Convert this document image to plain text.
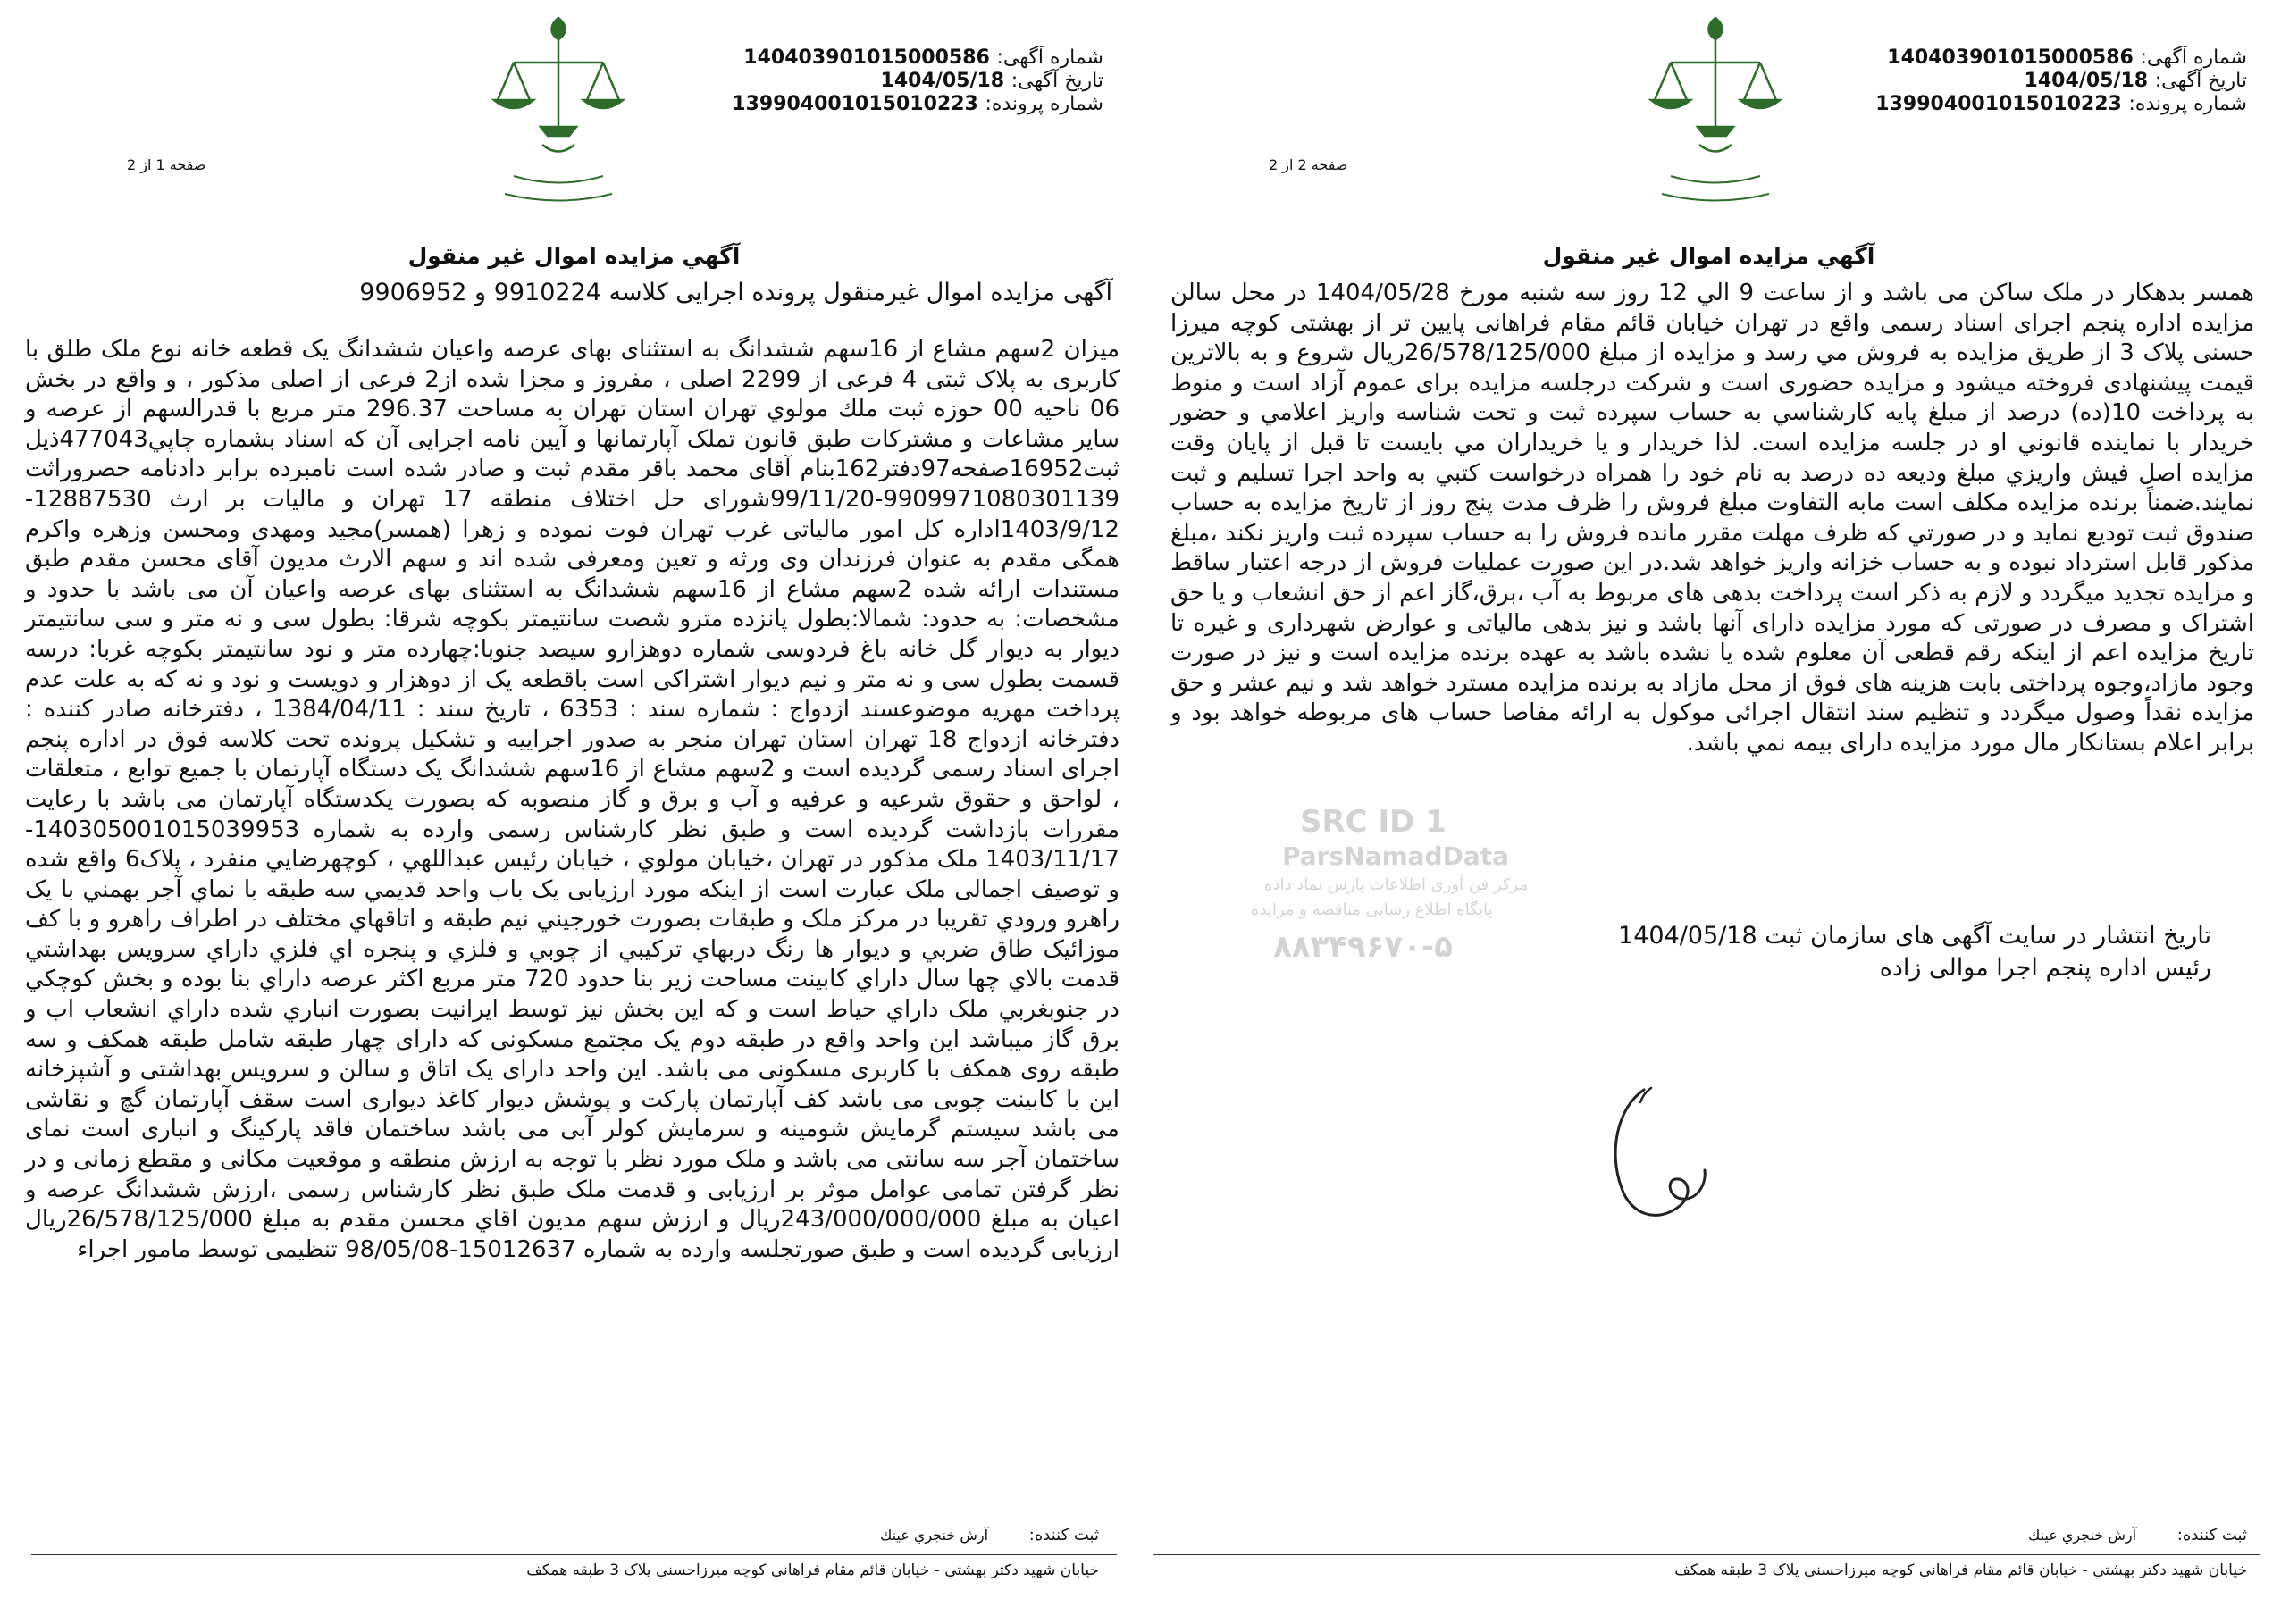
شماره آگهی: 140403901015000586
تاریخ آگهی: 1404/05/18
شماره پرونده: 139904001015010223
صفحه 1 از 2
آگهي مزايده اموال غير منقول
آگهی مزایده اموال غیرمنقول پرونده اجرایی کلاسه 9910224 و 9906952
ميزان 2سهم مشاع از 16سهم ششدانگ به استثنای بهای عرصه واعيان ششدانگ يک قطعه خانه نوع ملک طلق با کاربری به پلاک ثبتی 4 فرعی از 2299 اصلی ، مفروز و مجزا شده از2 فرعی از اصلی مذکور ، و واقع در بخش 06 ناحيه 00 حوزه ثبت ملك مولوي تهران استان تهران به مساحت 296.37 متر مربع با قدرالسهم از عرصه و ساير مشاعات و مشترکات طبق قانون تملک آپارتمانها و آيين نامه اجرايی آن که اسناد بشماره چاپي477043ذيل ثبت16952صفحه97دفتر162بنام آقای محمد باقر مقدم ثبت و صادر شده است نامبرده برابر دادنامه حصروراثت 9909971080301139-99/11/20شورای حل اختلاف منطقه 17 تهران و ماليات بر ارث 12887530-1403/9/12اداره کل امور مالياتی غرب تهران فوت نموده و زهرا (همسر)مجيد ومهدی ومحسن وزهره واکرم همگی مقدم به عنوان فرزندان وی ورثه و تعين ومعرفی شده اند و سهم الارث مديون آقای محسن مقدم طبق مستندات ارائه شده 2سهم مشاع از 16سهم ششدانگ به استثنای بهای عرصه واعيان آن می باشد با حدود و مشخصات: به حدود: شمالا:بطول پانزده مترو شصت سانتيمتر بکوچه شرقا: بطول سی و نه متر و سی سانتيمتر ديوار به ديوار گل خانه باغ فردوسی شماره دوهزارو سيصد جنوبا:چهارده متر و نود سانتيمتر بکوچه غربا: درسه قسمت بطول سی و نه متر و نيم ديوار اشتراکی است باقطعه يک از دوهزار و دويست و نود و نه که به علت عدم پرداخت مهريه موضوعسند ازدواج : شماره سند : 6353 ، تاريخ سند : 1384/04/11 ، دفترخانه صادر کننده : دفترخانه ازدواج 18 تهران استان تهران منجر به صدور اجراييه و تشکيل پرونده تحت کلاسه فوق در اداره پنجم اجرای اسناد رسمی گرديده است و 2سهم مشاع از 16سهم ششدانگ يک دستگاه آپارتمان با جميع توابع ، متعلقات ، لواحق و حقوق شرعيه و عرفيه و آب و برق و گاز منصوبه که بصورت يکدستگاه آپارتمان می باشد با رعايت مقررات بازداشت گرديده است و طبق نظر کارشناس رسمی وارده به شماره 140305001015039953-1403/11/17 ملک مذکور در تهران ،خيابان مولوي ، خيابان رئيس عبداللهي ، کوچهرضايي منفرد ، پلاک6 واقع شده و توصيف اجمالی ملک عبارت است از اينکه مورد ارزيابی يک باب واحد قديمي سه طبقه با نماي آجر بهمني با يک راهرو ورودي تقريبا در مرکز ملک و طبقات بصورت خورجيني نيم طبقه و اتاقهاي مختلف در اطراف راهرو و با کف موزائيک طاق ضربي و ديوار ها رنگ دربهاي ترکيبي از چوبي و فلزي و پنجره اي فلزي داراي سرويس بهداشتي قدمت بالاي چها سال داراي کابينت مساحت زير بنا حدود 720 متر مربع اکثر عرصه داراي بنا بوده و بخش کوچکي در جنوبغربي ملک داراي حياط است و که اين بخش نيز توسط ايرانيت بصورت انباري شده داراي انشعاب اب و برق گاز ميباشد اين واحد واقع در طبقه دوم يک مجتمع مسکونی که دارای چهار طبقه شامل طبقه همکف و سه طبقه روی همکف با کاربری مسکونی می باشد. اين واحد دارای يک اتاق و سالن و سرويس بهداشتی و آشپزخانه اين با کابينت چوبی می باشد کف آپارتمان پارکت و پوشش ديوار کاغذ ديواری است سقف آپارتمان گچ و نقاشی می باشد سيستم گرمايش شومينه و سرمايش کولر آبی می باشد ساختمان فاقد پارکينگ و انباری است نمای ساختمان آجر سه سانتی می باشد و ملک مورد نظر با توجه به ارزش منطقه و موقعيت مکانی و مقطع زمانی و در نظر گرفتن تمامی عوامل موثر بر ارزيابی و قدمت ملک طبق نظر کارشناس رسمی ،ارزش ششدانگ عرصه و اعيان به مبلغ 243/000/000/000ريال و ارزش سهم مديون اقاي محسن مقدم به مبلغ 26/578/125/000ريال ارزيابی گرديده است و طبق صورتجلسه وارده به شماره 15012637-98/05/08 تنظيمی توسط مامور اجراء
ثبت کننده: آرش خنجري عينك
خيابان شهيد دکتر بهشتي - خيابان قائم مقام فراهاني کوچه ميرزاحسني پلاک 3 طبقه همکف
شماره آگهی: 140403901015000586
تاریخ آگهی: 1404/05/18
شماره پرونده: 139904001015010223
صفحه 2 از 2
آگهي مزايده اموال غير منقول
همسر بدهکار در ملک ساکن می باشد و از ساعت 9 الي 12 روز سه شنبه مورخ 1404/05/28 در محل سالن مزايده اداره پنجم اجرای اسناد رسمی واقع در تهران خيابان قائم مقام فراهانی پايين تر از بهشتی کوچه ميرزا حسنی پلاک 3 از طريق مزايده به فروش مي رسد و مزايده از مبلغ 26/578/125/000ريال شروع و به بالاترين قيمت پيشنهادی فروخته ميشود و مزايده حضوری است و شرکت درجلسه مزايده برای عموم آزاد است و منوط به پرداخت 10(ده) درصد از مبلغ پايه کارشناسي به حساب سپرده ثبت و تحت شناسه واريز اعلامي و حضور خريدار با نماينده قانوني او در جلسه مزايده است. لذا خريدار و يا خريداران مي بايست تا قبل از پايان وقت مزايده اصل فيش واريزي مبلغ وديعه ده درصد به نام خود را همراه درخواست کتبي به واحد اجرا تسليم و ثبت نمايند.ضمناً برنده مزايده مکلف است مابه التفاوت مبلغ فروش را ظرف مدت پنج روز از تاريخ مزايده به حساب صندوق ثبت توديع نمايد و در صورتي که ظرف مهلت مقرر مانده فروش را به حساب سپرده ثبت واريز نکند ،مبلغ مذکور قابل استرداد نبوده و به حساب خزانه واريز خواهد شد.در اين صورت عمليات فروش از درجه اعتبار ساقط و مزايده تجديد ميگردد و لازم به ذکر است پرداخت بدهی های مربوط به آب ،برق،گاز اعم از حق انشعاب و يا حق اشتراک و مصرف در صورتی که مورد مزايده دارای آنها باشد و نيز بدهی مالياتی و عوارض شهرداری و غيره تا تاريخ مزايده اعم از اينکه رقم قطعی آن معلوم شده يا نشده باشد به عهده برنده مزايده است و نيز در صورت وجود مازاد،وجوه پرداختی بابت هزينه های فوق از محل مازاد به برنده مزايده مسترد خواهد شد و نيم عشر و حق مزايده نقداً وصول ميگردد و تنظيم سند انتقال اجرائی موکول به ارائه مفاصا حساب های مربوطه خواهد بود و برابر اعلام بستانکار مال مورد مزايده دارای بيمه نمي باشد.
تاريخ انتشار در سايت آگهی های سازمان ثبت 1404/05/18
رئيس اداره پنجم اجرا موالی زاده
ثبت کننده: آرش خنجري عينك
خيابان شهيد دکتر بهشتي - خيابان قائم مقام فراهاني کوچه ميرزاحسني پلاک 3 طبقه همکف
SRC ID 1
ParsNamadData
مرکز فن آوری اطلاعات پارس نماد داده
پایگاه اطلاع رسانی مناقصه و مزایده
۸۸۳۴۹۶۷۰-۵
